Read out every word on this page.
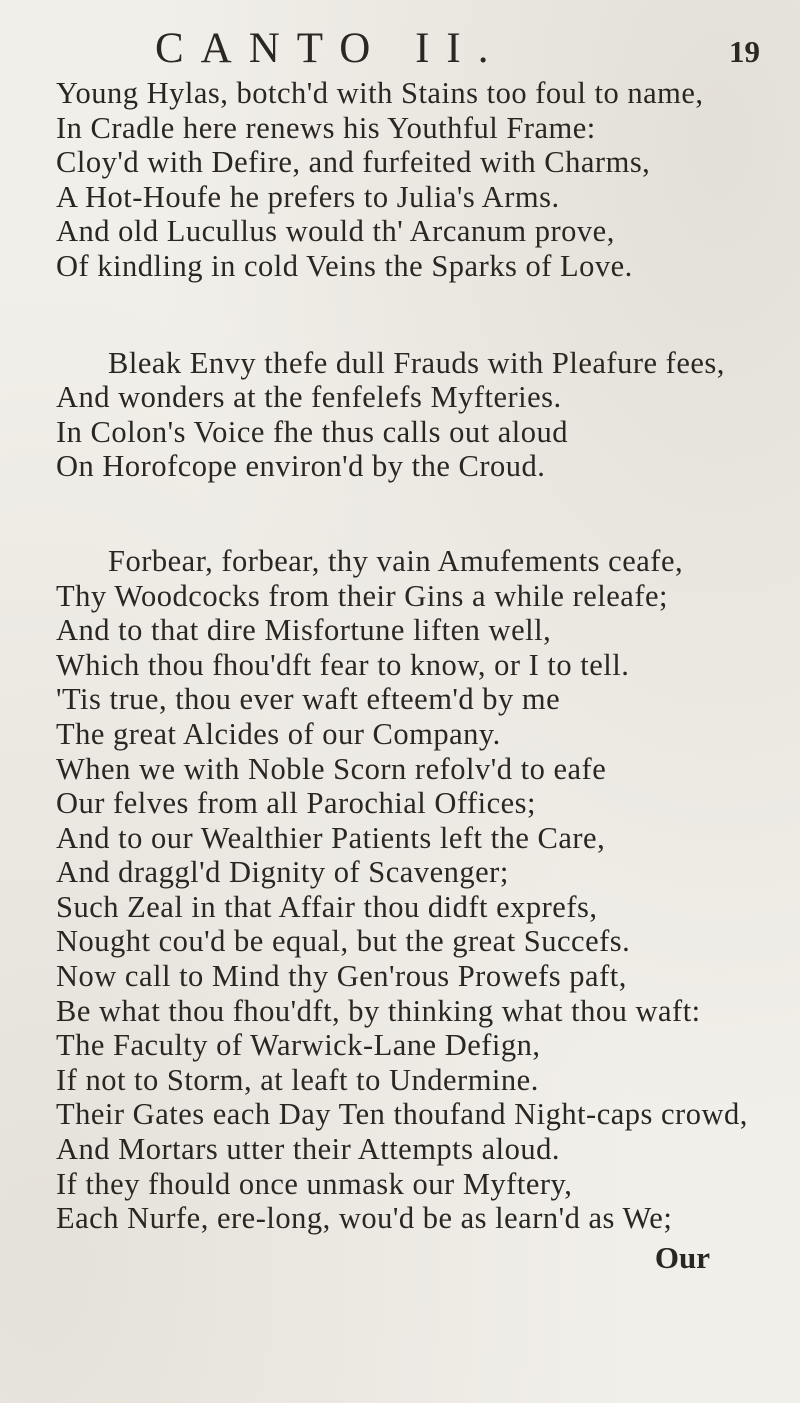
CANTO II.	19
Young Hylas, botch'd with Stains too foul to name,
In Cradle here renews his Youthful Frame:
Cloy'd with Defire, and furfeited with Charms,
A Hot-Houfe he prefers to Julia's Arms.
And old Lucullus would th' Arcanum prove,
Of kindling in cold Veins the Sparks of Love.
Bleak Envy thefe dull Frauds with Pleafure fees,
And wonders at the fenfelefs Myfteries.
In Colon's Voice fhe thus calls out aloud
On Horofcope environ'd by the Croud.
Forbear, forbear, thy vain Amufements ceafe,
Thy Woodcocks from their Gins a while releafe;
And to that dire Misfortune liften well,
Which thou fhou'dft fear to know, or I to tell.
'Tis true, thou ever waft efteem'd by me
The great Alcides of our Company.
When we with Noble Scorn refolv'd to eafe
Our felves from all Parochial Offices;
And to our Wealthier Patients left the Care,
And draggl'd Dignity of Scavenger;
Such Zeal in that Affair thou didft exprefs,
Nought cou'd be equal, but the great Succefs.
Now call to Mind thy Gen'rous Prowefs paft,
Be what thou fhou'dft, by thinking what thou waft:
The Faculty of Warwick-Lane Defign,
If not to Storm, at leaft to Undermine.
Their Gates each Day Ten thoufand Night-caps crowd,
And Mortars utter their Attempts aloud.
If they fhould once unmask our Myftery,
Each Nurfe, ere-long, wou'd be as learn'd as We;
Our
